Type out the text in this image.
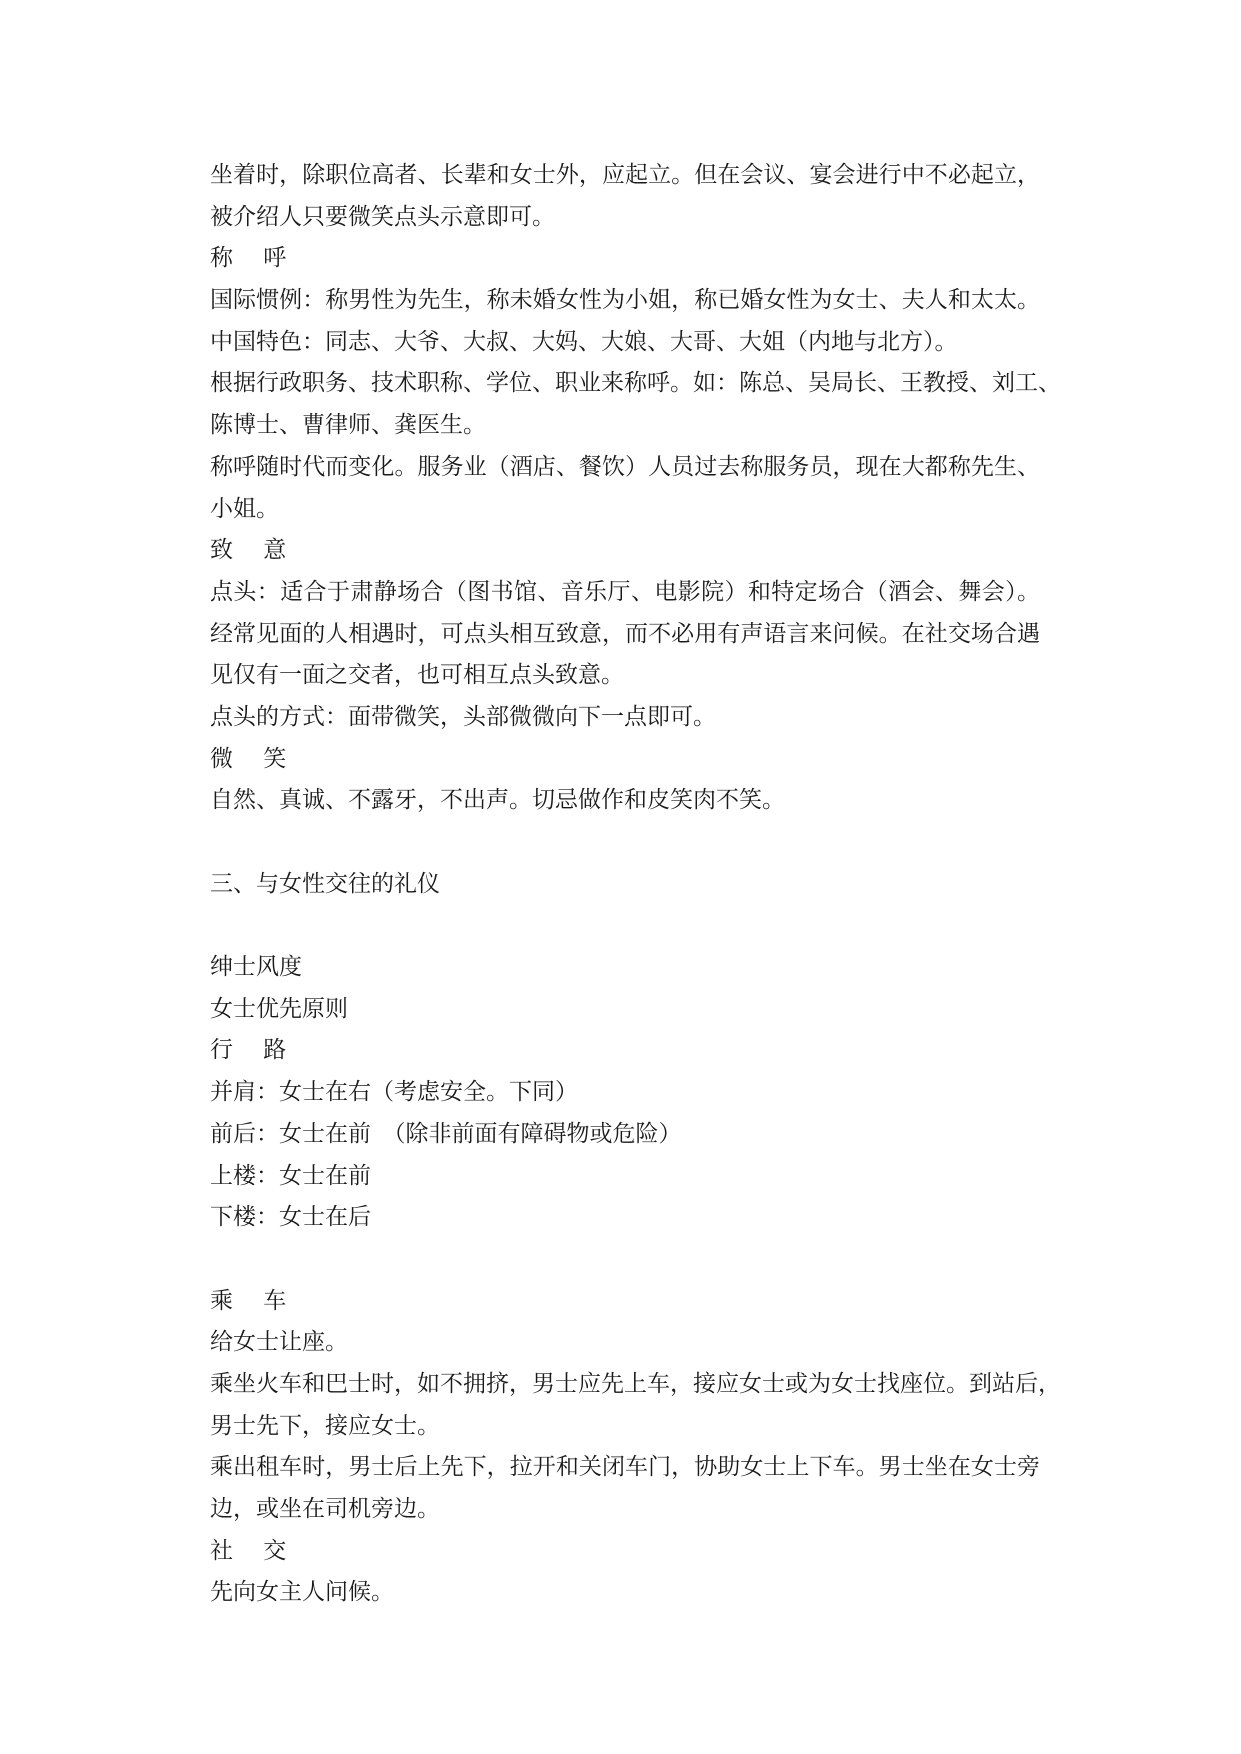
坐着时，除职位高者、长辈和女士外，应起立。但在会议、宴会进行中不必起立，
被介绍人只要微笑点头示意即可。
称　 呼
国际惯例：称男性为先生，称未婚女性为小姐，称已婚女性为女士、夫人和太太。
中国特色：同志、大爷、大叔、大妈、大娘、大哥、大姐（内地与北方）。
根据行政职务、技术职称、学位、职业来称呼。如：陈总、吴局长、王教授、刘工、
陈博士、曹律师、龚医生。
称呼随时代而变化。服务业（酒店、餐饮）人员过去称服务员，现在大都称先生、
小姐。
致　 意
点头：适合于肃静场合（图书馆、音乐厅、电影院）和特定场合（酒会、舞会）。
经常见面的人相遇时，可点头相互致意，而不必用有声语言来问候。在社交场合遇
见仅有一面之交者，也可相互点头致意。
点头的方式：面带微笑，头部微微向下一点即可。
微　 笑
自然、真诚、不露牙，不出声。切忌做作和皮笑肉不笑。
三、与女性交往的礼仪
绅士风度
女士优先原则
行　 路
并肩：女士在右（考虑安全。下同）
前后：女士在前　（除非前面有障碍物或危险）
上楼：女士在前
下楼：女士在后
乘　 车
给女士让座。
乘坐火车和巴士时，如不拥挤，男士应先上车，接应女士或为女士找座位。到站后，
男士先下，接应女士。
乘出租车时，男士后上先下，拉开和关闭车门，协助女士上下车。男士坐在女士旁
边，或坐在司机旁边。
社　 交
先向女主人问候。
